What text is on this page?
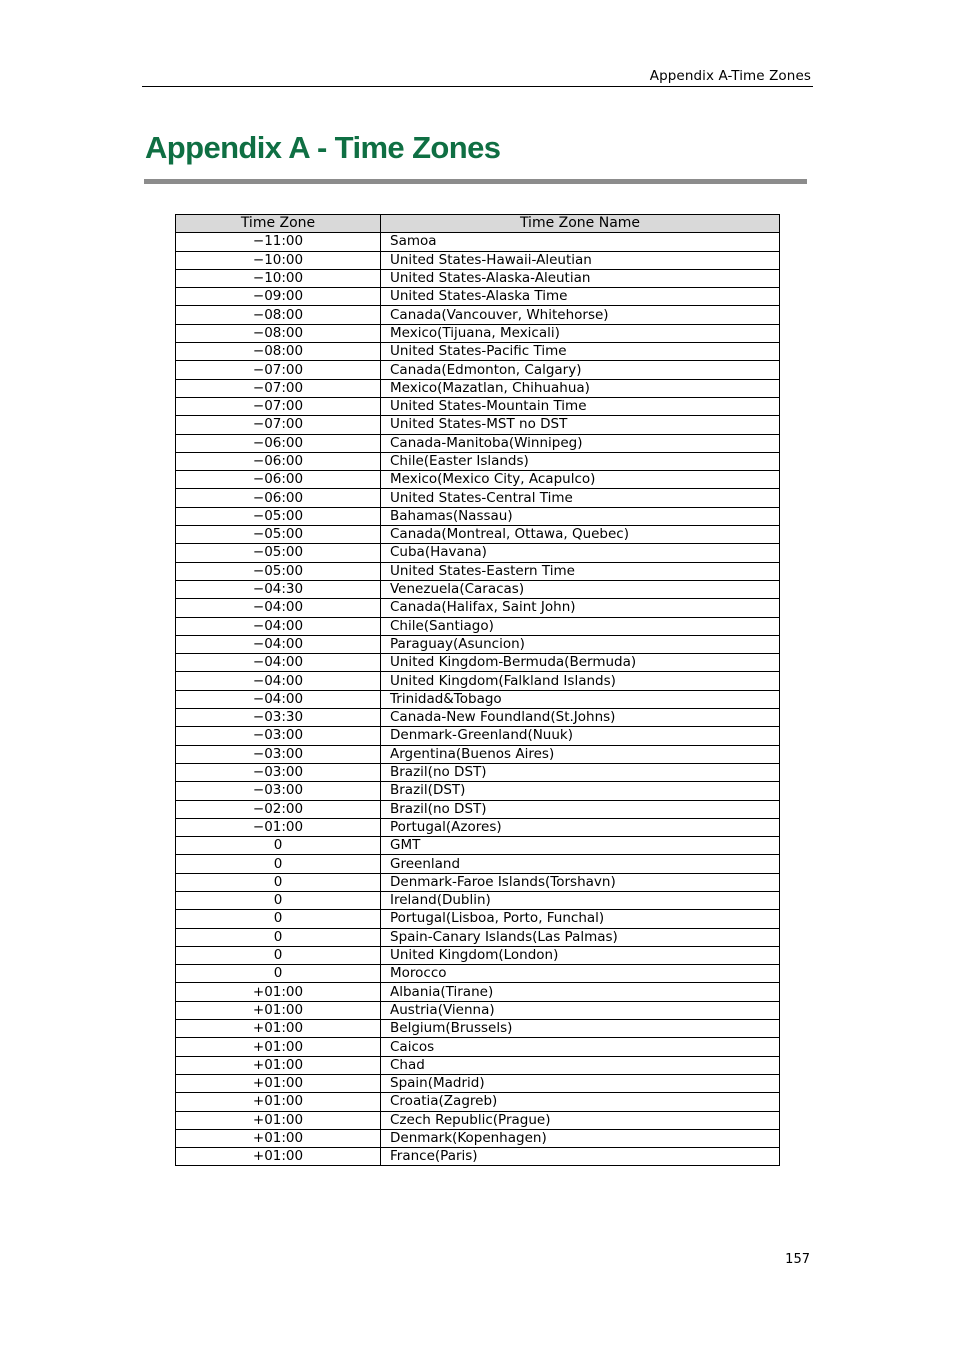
Appendix A-Time Zones
Appendix A - Time Zones
Time Zone	Time Zone Name
−11:00	Samoa
−10:00	United States-Hawaii-Aleutian
−10:00	United States-Alaska-Aleutian
−09:00	United States-Alaska Time
−08:00	Canada(Vancouver, Whitehorse)
−08:00	Mexico(Tijuana, Mexicali)
−08:00	United States-Pacific Time
−07:00	Canada(Edmonton, Calgary)
−07:00	Mexico(Mazatlan, Chihuahua)
−07:00	United States-Mountain Time
−07:00	United States-MST no DST
−06:00	Canada-Manitoba(Winnipeg)
−06:00	Chile(Easter Islands)
−06:00	Mexico(Mexico City, Acapulco)
−06:00	United States-Central Time
−05:00	Bahamas(Nassau)
−05:00	Canada(Montreal, Ottawa, Quebec)
−05:00	Cuba(Havana)
−05:00	United States-Eastern Time
−04:30	Venezuela(Caracas)
−04:00	Canada(Halifax, Saint John)
−04:00	Chile(Santiago)
−04:00	Paraguay(Asuncion)
−04:00	United Kingdom-Bermuda(Bermuda)
−04:00	United Kingdom(Falkland Islands)
−04:00	Trinidad&Tobago
−03:30	Canada-New Foundland(St.Johns)
−03:00	Denmark-Greenland(Nuuk)
−03:00	Argentina(Buenos Aires)
−03:00	Brazil(no DST)
−03:00	Brazil(DST)
−02:00	Brazil(no DST)
−01:00	Portugal(Azores)
0	GMT
0	Greenland
0	Denmark-Faroe Islands(Torshavn)
0	Ireland(Dublin)
0	Portugal(Lisboa, Porto, Funchal)
0	Spain-Canary Islands(Las Palmas)
0	United Kingdom(London)
0	Morocco
+01:00	Albania(Tirane)
+01:00	Austria(Vienna)
+01:00	Belgium(Brussels)
+01:00	Caicos
+01:00	Chad
+01:00	Spain(Madrid)
+01:00	Croatia(Zagreb)
+01:00	Czech Republic(Prague)
+01:00	Denmark(Kopenhagen)
+01:00	France(Paris)
157
